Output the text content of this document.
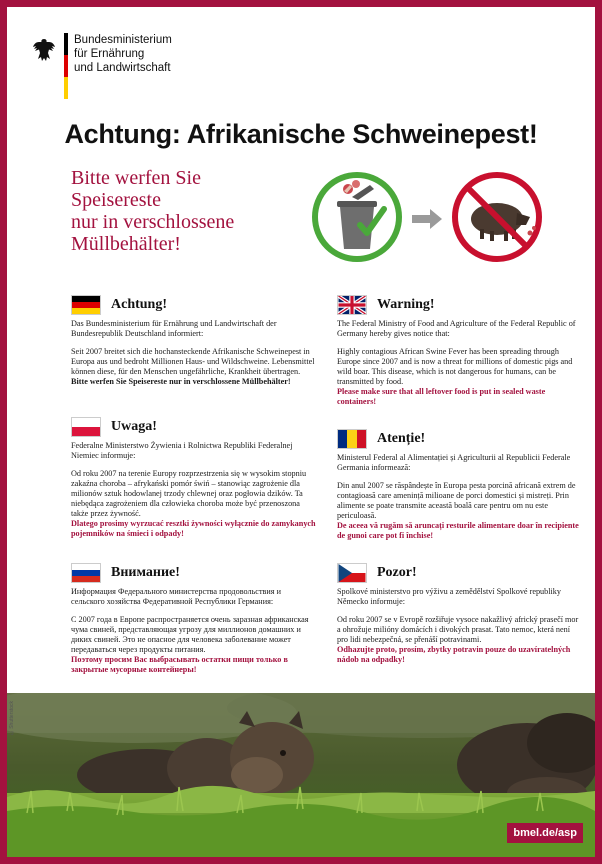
Bundesministerium
für Ernährung
und Landwirtschaft
Achtung: Afrikanische Schweinepest!
Bitte werfen Sie
Speisereste
nur in verschlossene
Müllbehälter!
Achtung!

Das Bundesministerium für Ernährung und Landwirtschaft der Bundesrepublik Deutschland informiert:

Seit 2007 breitet sich die hochansteckende Afrikanische Schweinepest in Europa aus und bedroht Millionen Haus- und Wildschweine. Lebensmittel können diese, für den Menschen ungefährliche, Krankheit übertragen.

Bitte werfen Sie Speisereste nur in verschlossene Müllbehälter!

Warning!

The Federal Ministry of Food and Agriculture of the Federal Republic of Germany hereby gives notice that:

Highly contagious African Swine Fever has been spreading through Europe since 2007 and is now a threat for millions of domestic pigs and wild boar. This disease, which is not dangerous for humans, can be transmitted by food.

Please make sure that all leftover food is put in sealed waste containers!

Uwaga!

Federalne Ministerstwo Żywienia i Rolnictwa Republiki Federalnej Niemiec informuje:

Od roku 2007 na terenie Europy rozprzestrzenia się w wysokim stopniu zakaźna choroba – afrykański pomór świń – stanowiąc zagrożenie dla milionów sztuk hodowlanej trzody chlewnej oraz pogłowia dzików. Ta niebędąca zagrożeniem dla człowieka choroba może być przenoszona także przez żywność.

Dlatego prosimy wyrzucać resztki żywności wyłącznie do zamykanych pojemników na śmieci i odpady!

Atenție!

Ministerul Federal al Alimentației și Agriculturii al Republicii Federale Germania informează:

Din anul 2007 se răspândește în Europa pesta porcină africană extrem de contagioasă care amenință milioane de porci domestici și mistreți. Prin alimente se poate transmite această boală care pentru om nu este periculoasă.

De aceea vă rugăm să aruncați resturile alimentare doar în recipiente de gunoi care pot fi închise!

Внимание!

Информация Федерального министерства продовольствия и сельского хозяйства Федеративной Республики Германия:

С 2007 года в Европе распространяется очень заразная африканская чума свиней, представляющая угрозу для миллионов домашних и диких свиней. Это не опасное для человека заболевание может передаваться через продукты питания.

Поэтому просим Вас выбрасывать остатки пищи только в закрытые мусорные контейнеры!

Pozor!

Spolkové ministerstvo pro výživu a zemědělství Spolkové republiky Německo informuje:

Od roku 2007 se v Evropě rozšiřuje vysoce nakažlivý africký prasečí mor a ohrožuje milióny domácích i divokých prasat. Tato nemoc, která není pro lidi nebezpečná, se přenáší potravinami.

Odhazujte proto, prosím, zbytky potravin pouze do uzavíratelných nádob na odpadky!

©Shutterstock
bmel.de/asp
